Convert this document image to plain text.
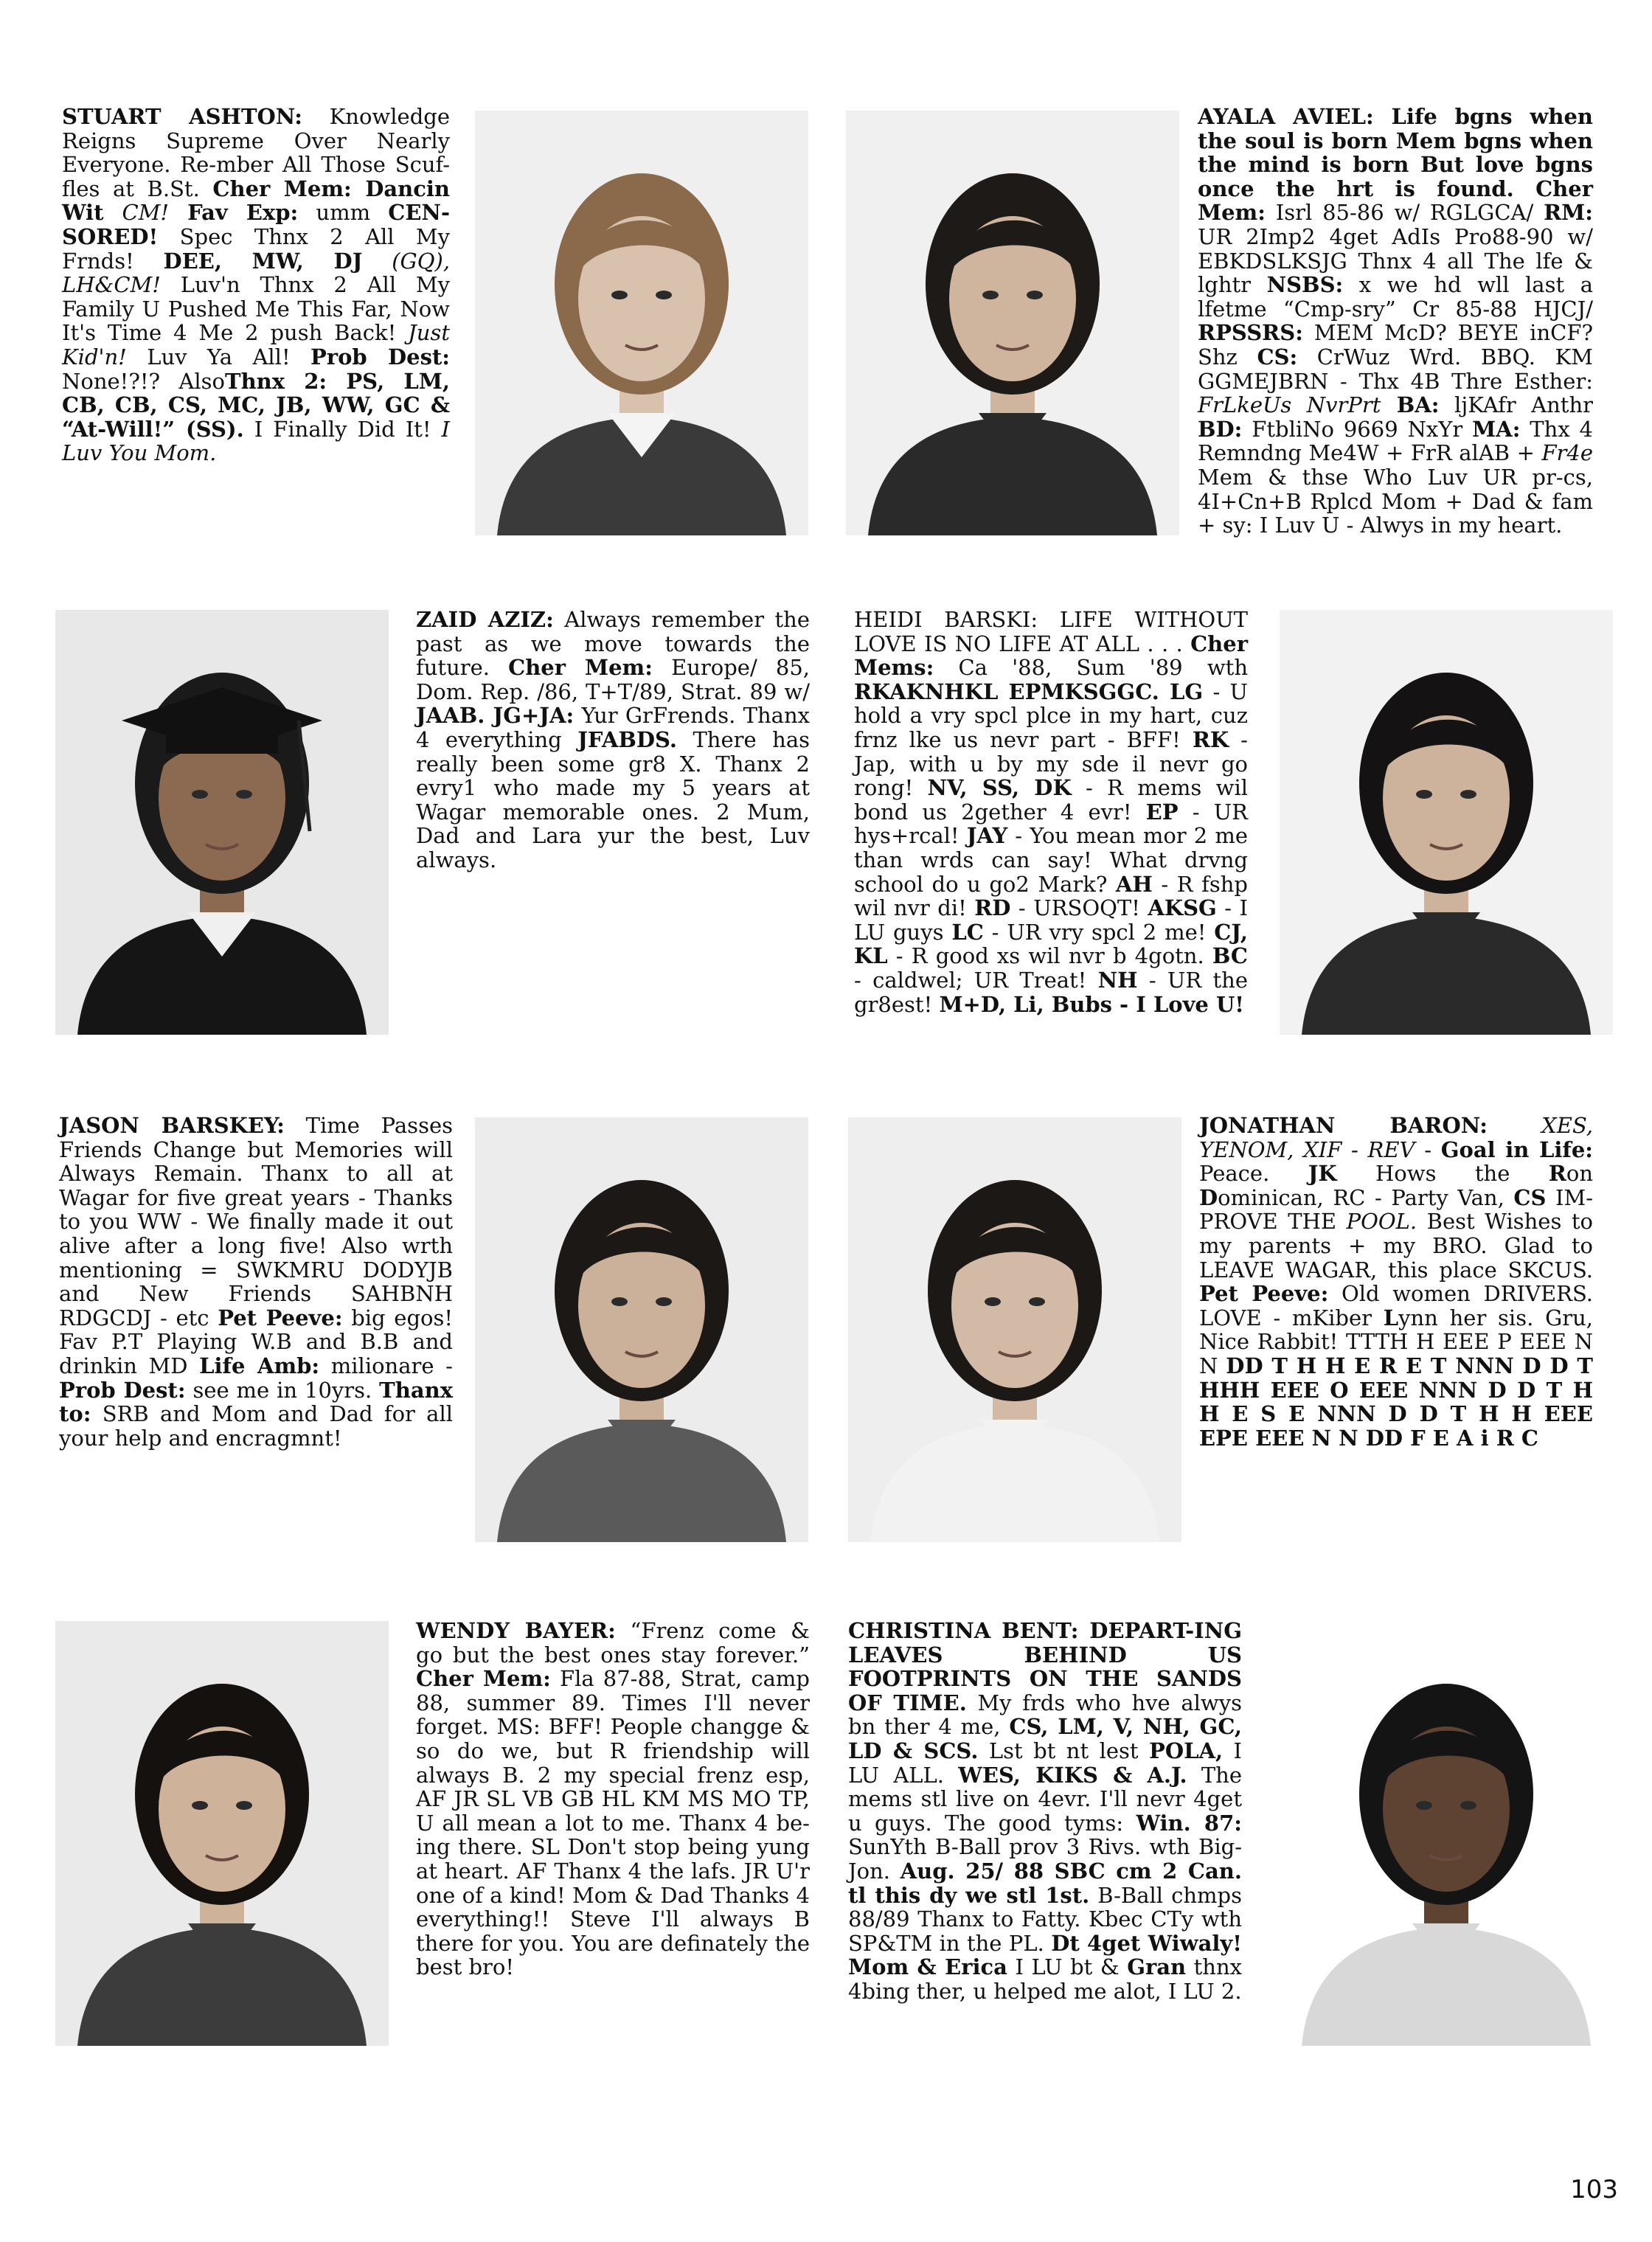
STUART ASHTON: Knowledge Reigns Supreme Over Nearly Everyone. Re-mber All Those Scuf-fles at B.St. Cher Mem: Dancin Wit CM! Fav Exp: umm CEN-SORED! Spec Thnx 2 All My Frnds! DEE, MW, DJ (GQ), LH&CM! Luv'n Thnx 2 All My Family U Pushed Me This Far, Now It's Time 4 Me 2 push Back! Just Kid'n! Luv Ya All! Prob Dest: None!?!? AlsoThnx 2: PS, LM, CB, CB, CS, MC, JB, WW, GC & “At-Will!” (SS). I Finally Did It! I Luv You Mom.
AYALA AVIEL: Life bgns when the soul is born Mem bgns when the mind is born But love bgns once the hrt is found. Cher Mem: Isrl 85-86 w/ RGLGCA/ RM: UR 2Imp2 4get AdIs Pro88-90 w/ EBKDSLKSJG Thnx 4 all The lfe & lghtr NSBS: x we hd wll last a lfetme “Cmp-sry” Cr 85-88 HJCJ/ RPSSRS: MEM McD? BEYE inCF? Shz CS: CrWuz Wrd. BBQ. KM GGMEJBRN - Thx 4B Thre Esther: FrLkeUs NvrPrt BA: ljKAfr Anthr BD: FtbliNo 9669 NxYr MA: Thx 4 Remndng Me4W + FrR alAB + Fr4e Mem & thse Who Luv UR pr-cs, 4I+Cn+B Rplcd Mom + Dad & fam + sy: I Luv U - Alwys in my heart.
ZAID AZIZ: Always remember the past as we move towards the future. Cher Mem: Europe/ 85, Dom. Rep. /86, T+T/89, Strat. 89 w/ JAAB. JG+JA: Yur GrFrends. Thanx 4 everything JFABDS. There has really been some gr8 X. Thanx 2 evry1 who made my 5 years at Wagar memorable ones. 2 Mum, Dad and Lara yur the best, Luv always.
HEIDI BARSKI: LIFE WITHOUT LOVE IS NO LIFE AT ALL . . . Cher Mems: Ca '88, Sum '89 wth RKAKNHKL EPMKSGGC. LG - U hold a vry spcl plce in my hart, cuz frnz lke us nevr part - BFF! RK - Jap, with u by my sde il nevr go rong! NV, SS, DK - R mems wil bond us 2gether 4 evr! EP - UR hys+rcal! JAY - You mean mor 2 me than wrds can say! What drvng school do u go2 Mark? AH - R fshp wil nvr di! RD - URSOQT! AKSG - I LU guys LC - UR vry spcl 2 me! CJ, KL - R good xs wil nvr b 4gotn. BC - caldwel; UR Treat! NH - UR the gr8est! M+D, Li, Bubs - I Love U!
JASON BARSKEY: Time Passes Friends Change but Memories will Always Remain. Thanx to all at Wagar for five great years - Thanks to you WW - We finally made it out alive after a long five! Also wrth mentioning = SWKMRU DODYJB and New Friends SAHBNH RDGCDJ - etc Pet Peeve: big egos! Fav P.T Playing W.B and B.B and drinkin MD Life Amb: milionare - Prob Dest: see me in 10yrs. Thanx to: SRB and Mom and Dad for all your help and encragmnt!
JONATHAN BARON: XES, YENOM, XIF - REV - Goal in Life: Peace. JK Hows the Ron Dominican, RC - Party Van, CS IM-PROVE THE POOL. Best Wishes to my parents + my BRO. Glad to LEAVE WAGAR, this place SKCUS. Pet Peeve: Old women DRIVERS. LOVE - mKiber Lynn her sis. Gru, Nice Rabbit! TTTH H EEE P EEE N N DD T H H E R E T NNN D D T HHH EEE O EEE NNN D D T H H E S E NNN D D T H H EEE EPE EEE N N DD F E A i R C
WENDY BAYER: “Frenz come & go but the best ones stay forever.” Cher Mem: Fla 87-88, Strat, camp 88, summer 89. Times I'll never forget. MS: BFF! People changge & so do we, but R friendship will always B. 2 my special frenz esp, AF JR SL VB GB HL KM MS MO TP, U all mean a lot to me. Thanx 4 be-ing there. SL Don't stop being yung at heart. AF Thanx 4 the lafs. JR U'r one of a kind! Mom & Dad Thanks 4 everything!! Steve I'll always B there for you. You are definately the best bro!
CHRISTINA BENT: DEPART-ING LEAVES BEHIND US FOOTPRINTS ON THE SANDS OF TIME. My frds who hve alwys bn ther 4 me, CS, LM, V, NH, GC, LD & SCS. Lst bt nt lest POLA, I LU ALL. WES, KIKS & A.J. The mems stl live on 4evr. I'll nevr 4get u guys. The good tyms: Win. 87: SunYth B-Ball prov 3 Rivs. wth Big-Jon. Aug. 25/ 88 SBC cm 2 Can. tl this dy we stl 1st. B-Ball chmps 88/89 Thanx to Fatty. Kbec CTy wth SP&TM in the PL. Dt 4get Wiwaly! Mom & Erica I LU bt & Gran thnx 4bing ther, u helped me alot, I LU 2.
103
